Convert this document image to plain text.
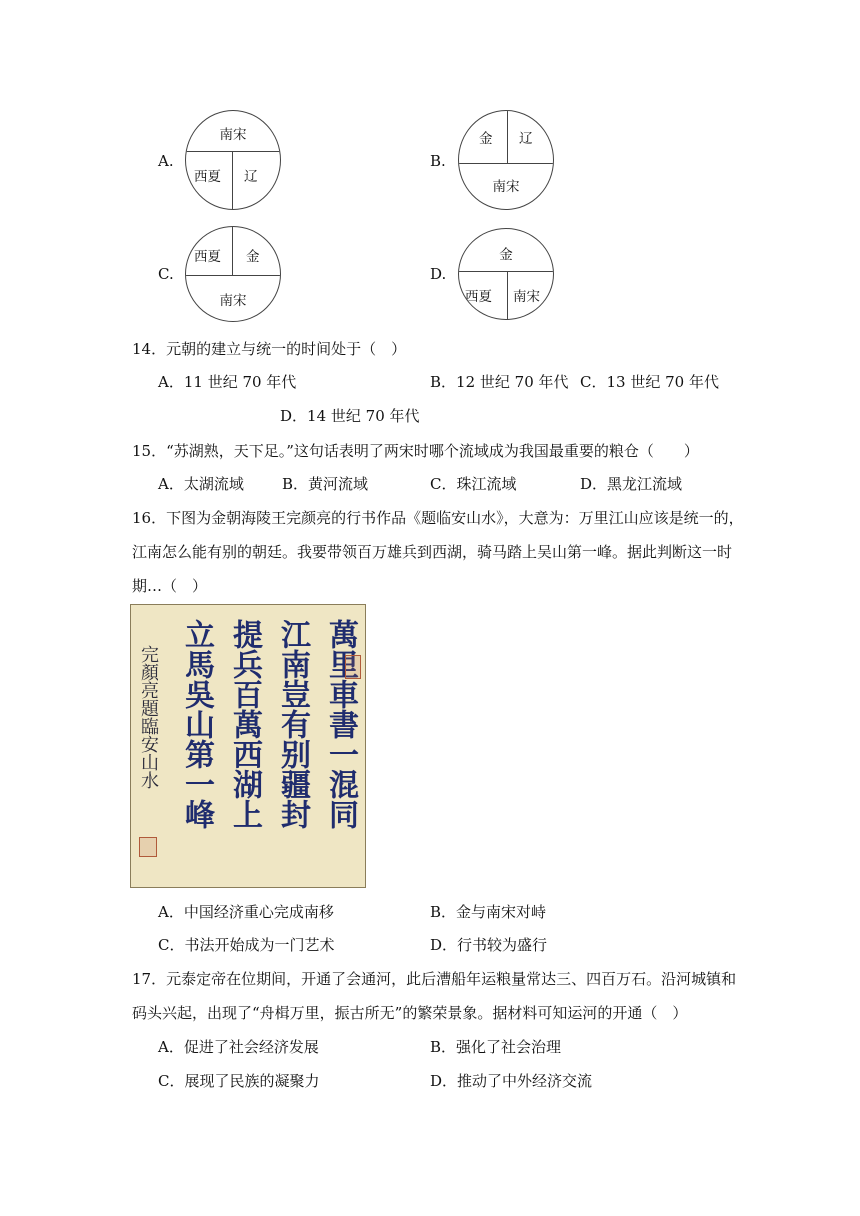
A.
南宋
西夏 辽
B.
金 辽
南宋
C.
西夏 金
南宋
D.
金
西夏 南宋
14．元朝的建立与统一的时间处于（　）
A．11 世纪 70 年代	B．12 世纪 70 年代 C．13 世纪 70 年代
D．14 世纪 70 年代
15．“苏湖熟，天下足。”这句话表明了两宋时哪个流域成为我国最重要的粮仓（　　）
A．太湖流域	B．黄河流域	C．珠江流域	D．黑龙江流域
16．下图为金朝海陵王完颜亮的行书作品《题临安山水》，大意为：万里江山应该是统一的，
江南怎么能有别的朝廷。我要带领百万雄兵到西湖，骑马踏上吴山第一峰。据此判断这一时
期…（　）
萬里車書一混同
江南豈有别疆封
提兵百萬西湖上
立馬吳山第一峰
完顏亮題臨安山水
A．中国经济重心完成南移	B．金与南宋对峙
C．书法开始成为一门艺术	D．行书较为盛行
17．元泰定帝在位期间，开通了会通河，此后漕船年运粮量常达三、四百万石。沿河城镇和
码头兴起，出现了“舟楫万里，振古所无”的繁荣景象。据材料可知运河的开通（　）
A．促进了社会经济发展	B．强化了社会治理
C．展现了民族的凝聚力	D．推动了中外经济交流
